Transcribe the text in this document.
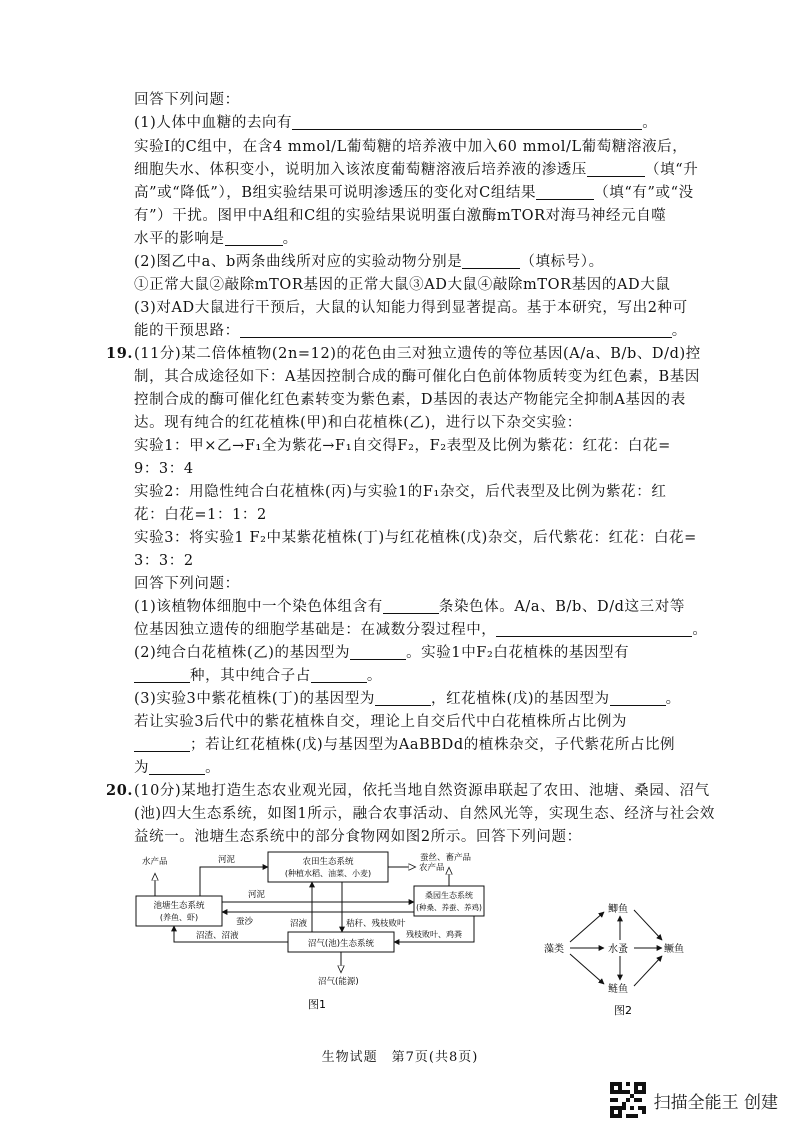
回答下列问题：
(1)人体中血糖的去向有	。
实验Ⅰ的C组中，在含4 mmol/L葡萄糖的培养液中加入60 mmol/L葡萄糖溶液后，
细胞失水、体积变小，说明加入该浓度葡萄糖溶液后培养液的渗透压	（填“升
高”或“降低”），B组实验结果可说明渗透压的变化对C组结果	（填“有”或“没
有”）干扰。图甲中A组和C组的实验结果说明蛋白激酶mTOR对海马神经元自噬
水平的影响是	。
(2)图乙中a、b两条曲线所对应的实验动物分别是	（填标号）。
①正常大鼠②敲除mTOR基因的正常大鼠③AD大鼠④敲除mTOR基因的AD大鼠
(3)对AD大鼠进行干预后，大鼠的认知能力得到显著提高。基于本研究，写出2种可
能的干预思路：	。
19. (11分)某二倍体植物(2n=12)的花色由三对独立遗传的等位基因(A/a、B/b、D/d)控
制，其合成途径如下：A基因控制合成的酶可催化白色前体物质转变为红色素，B基因
控制合成的酶可催化红色素转变为紫色素，D基因的表达产物能完全抑制A基因的表
达。现有纯合的红花植株(甲)和白花植株(乙)，进行以下杂交实验：
实验1：甲×乙→F₁全为紫花→F₁自交得F₂，F₂表型及比例为紫花：红花：白花=
9：3：4
实验2：用隐性纯合白花植株(丙)与实验1的F₁杂交，后代表型及比例为紫花：红
花：白花=1：1：2
实验3：将实验1 F₂中某紫花植株(丁)与红花植株(戊)杂交，后代紫花：红花：白花=
3：3：2
回答下列问题：
(1)该植物体细胞中一个染色体组含有	条染色体。A/a、B/b、D/d这三对等
位基因独立遗传的细胞学基础是：在减数分裂过程中，	。
(2)纯合白花植株(乙)的基因型为	。实验1中F₂白花植株的基因型有
种，其中纯合子占	。
(3)实验3中紫花植株(丁)的基因型为	，红花植株(戊)的基因型为	。
若让实验3后代中的紫花植株自交，理论上自交后代中白花植株所占比例为
；若让红花植株(戊)与基因型为AaBBDd的植株杂交，子代紫花所占比例
为	。
20. (10分)某地打造生态农业观光园，依托当地自然资源串联起了农田、池塘、桑园、沼气
(池)四大生态系统，如图1所示，融合农事活动、自然风光等，实现生态、经济与社会效
益统一。池塘生态系统中的部分食物网如图2所示。回答下列问题：
农田生态系统
(种植水稻、油菜、小麦)
池塘生态系统
(养鱼、虾)
桑园生态系统
(种桑、养蚕、养鸡)
沼气(池)生态系统
水产品	河泥
农产品
蚕丝、畜产品
河泥
蚕沙	沼液	秸秆、残枝败叶
残枝败叶、鸡粪
沼渣、沼液
沼气(能源)
图1
藻类
鲫鱼
水蚤	鳜鱼
鲢鱼
图2
生物试题　第7页(共8页)
扫描全能王 创建
